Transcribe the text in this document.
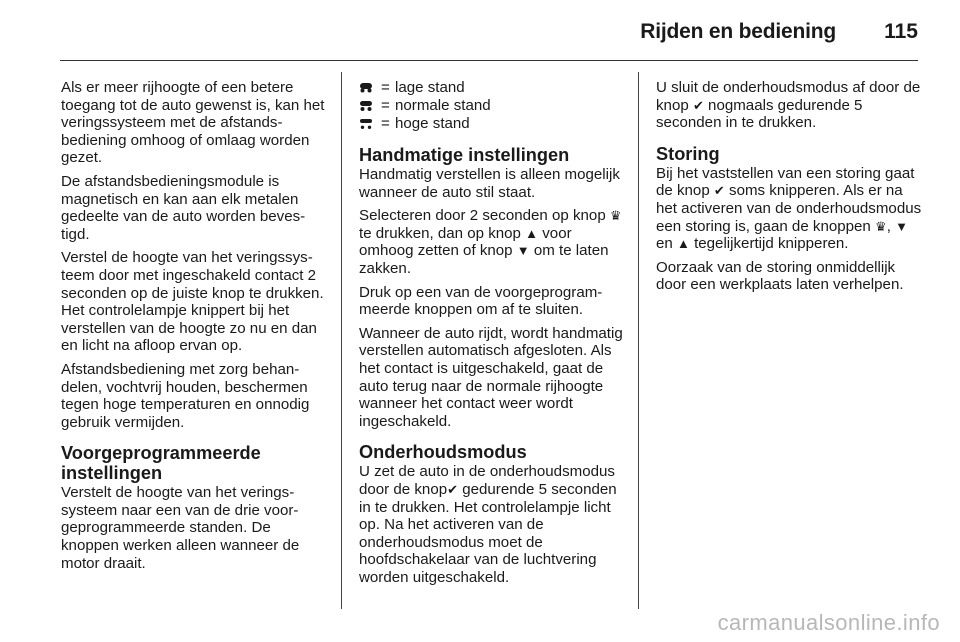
Rijden en bediening 115

Als er meer rijhoogte of een betere toegang tot de auto gewenst is, kan het veringssysteem met de afstandsbediening omhoog of omlaag worden gezet.

De afstandsbedieningsmodule is magnetisch en kan aan elk metalen gedeelte van de auto worden bevestigd.

Verstel de hoogte van het veringssysteem door met ingeschakeld contact 2 seconden op de juiste knop te drukken. Het controlelampje knippert bij het verstellen van de hoogte zo nu en dan en licht na afloop ervan op.

Afstandsbediening met zorg behandelen, vochtvrij houden, beschermen tegen hoge temperaturen en onnodig gebruik vermijden.

Voorgeprogrammeerde instellingen

Verstelt de hoogte van het veringssysteem naar een van de drie voorgeprogrammeerde standen. De knoppen werken alleen wanneer de motor draait.

= lage stand
= normale stand
= hoge stand
Handmatige instellingen

Handmatig verstellen is alleen mogelijk wanneer de auto stil staat.

Selecteren door 2 seconden op knop ♛ te drukken, dan op knop ▲ voor omhoog zetten of knop ▼ om te laten zakken.

Druk op een van de voorgeprogrammeerde knoppen om af te sluiten.

Wanneer de auto rijdt, wordt handmatig verstellen automatisch afgesloten. Als het contact is uitgeschakeld, gaat de auto terug naar de normale rijhoogte wanneer het contact weer wordt ingeschakeld.

Onderhoudsmodus

U zet de auto in de onderhoudsmodus door de knop✔ gedurende 5 seconden in te drukken. Het controlelampje licht op. Na het activeren van de onderhoudsmodus moet de hoofdschakelaar van de luchtvering worden uitgeschakeld.

U sluit de onderhoudsmodus af door de knop ✔ nogmaals gedurende 5 seconden in te drukken.

Storing

Bij het vaststellen van een storing gaat de knop ✔ soms knipperen. Als er na het activeren van de onderhoudsmodus een storing is, gaan de knoppen ♛, ▼ en ▲ tegelijkertijd knipperen.

Oorzaak van de storing onmiddellijk door een werkplaats laten verhelpen.

carmanualsonline.info
